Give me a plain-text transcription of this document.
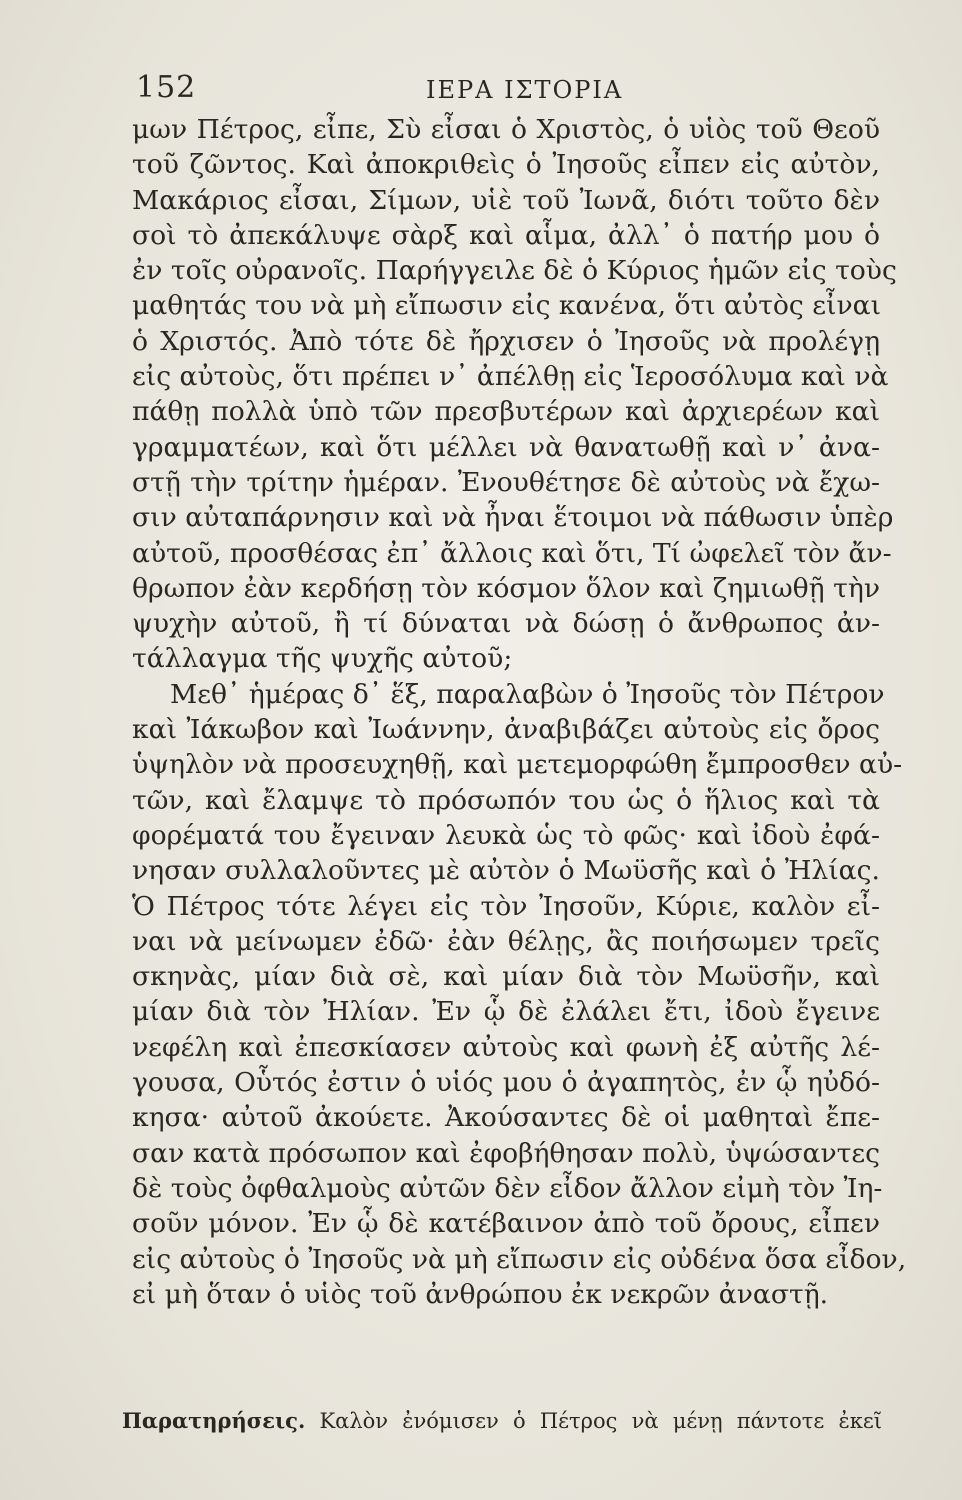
152	ΙΕΡΑ ΙΣΤΟΡΙΑ
μων Πέτρος, εἶπε, Σὺ εἶσαι ὁ Χριστὸς, ὁ υἱὸς τοῦ Θεοῦ
τοῦ ζῶντος. Καὶ ἀποκριθεὶς ὁ Ἰησοῦς εἶπεν εἰς αὐτὸν,
Μακάριος εἶσαι, Σίμων, υἱὲ τοῦ Ἰωνᾶ, διότι τοῦτο δὲν
σοὶ τὸ ἀπεκάλυψε σὰρξ καὶ αἷμα, ἀλλ᾽ ὁ πατήρ μου ὁ
ἐν τοῖς οὐρανοῖς. Παρήγγειλε δὲ ὁ Κύριος ἡμῶν εἰς τοὺς
μαθητάς του νὰ μὴ εἴπωσιν εἰς κανένα, ὅτι αὐτὸς εἶναι
ὁ Χριστός. Ἀπὸ τότε δὲ ἤρχισεν ὁ Ἰησοῦς νὰ προλέγῃ
εἰς αὐτοὺς, ὅτι πρέπει ν᾽ ἀπέλθῃ εἰς Ἱεροσόλυμα καὶ νὰ
πάθῃ πολλὰ ὑπὸ τῶν πρεσβυτέρων καὶ ἀρχιερέων καὶ
γραμματέων, καὶ ὅτι μέλλει νὰ θανατωθῇ καὶ ν᾽ ἀνα-
στῇ τὴν τρίτην ἡμέραν. Ἐνουθέτησε δὲ αὐτοὺς νὰ ἔχω-
σιν αὐταπάρνησιν καὶ νὰ ἦναι ἕτοιμοι νὰ πάθωσιν ὑπὲρ
αὐτοῦ, προσθέσας ἐπ᾽ ἄλλοις καὶ ὅτι, Τί ὠφελεῖ τὸν ἄν-
θρωπον ἐὰν κερδήσῃ τὸν κόσμον ὅλον καὶ ζημιωθῇ τὴν
ψυχὴν αὐτοῦ, ἢ τί δύναται νὰ δώσῃ ὁ ἄνθρωπος ἀν-
τάλλαγμα τῆς ψυχῆς αὐτοῦ;
Μεθ᾽ ἡμέρας δ᾽ ἕξ, παραλαβὼν ὁ Ἰησοῦς τὸν Πέτρον
καὶ Ἰάκωβον καὶ Ἰωάννην, ἀναβιβάζει αὐτοὺς εἰς ὄρος
ὑψηλὸν νὰ προσευχηθῇ, καὶ μετεμορφώθη ἔμπροσθεν αὐ-
τῶν, καὶ ἔλαμψε τὸ πρόσωπόν του ὡς ὁ ἥλιος καὶ τὰ
φορέματά του ἔγειναν λευκὰ ὡς τὸ φῶς· καὶ ἰδοὺ ἐφά-
νησαν συλλαλοῦντες μὲ αὐτὸν ὁ Μωϋσῆς καὶ ὁ Ἠλίας.
Ὁ Πέτρος τότε λέγει εἰς τὸν Ἰησοῦν, Κύριε, καλὸν εἶ-
ναι νὰ μείνωμεν ἐδῶ· ἐὰν θέλῃς, ἂς ποιήσωμεν τρεῖς
σκηνὰς, μίαν διὰ σὲ, καὶ μίαν διὰ τὸν Μωϋσῆν, καὶ
μίαν διὰ τὸν Ἠλίαν. Ἐν ᾧ δὲ ἐλάλει ἔτι, ἰδοὺ ἔγεινε
νεφέλη καὶ ἐπεσκίασεν αὐτοὺς καὶ φωνὴ ἐξ αὐτῆς λέ-
γουσα, Οὗτός ἐστιν ὁ υἱός μου ὁ ἀγαπητὸς, ἐν ᾧ ηὐδό-
κησα· αὐτοῦ ἀκούετε. Ἀκούσαντες δὲ οἱ μαθηταὶ ἔπε-
σαν κατὰ πρόσωπον καὶ ἐφοβήθησαν πολὺ, ὑψώσαντες
δὲ τοὺς ὀφθαλμοὺς αὐτῶν δὲν εἶδον ἄλλον εἰμὴ τὸν Ἰη-
σοῦν μόνον. Ἐν ᾧ δὲ κατέβαινον ἀπὸ τοῦ ὄρους, εἶπεν
εἰς αὐτοὺς ὁ Ἰησοῦς νὰ μὴ εἴπωσιν εἰς οὐδένα ὅσα εἶδον,
εἰ μὴ ὅταν ὁ υἱὸς τοῦ ἀνθρώπου ἐκ νεκρῶν ἀναστῇ.
Παρατηρήσεις. Καλὸν ἐνόμισεν ὁ Πέτρος νὰ μένῃ πάντοτε ἐκεῖ
